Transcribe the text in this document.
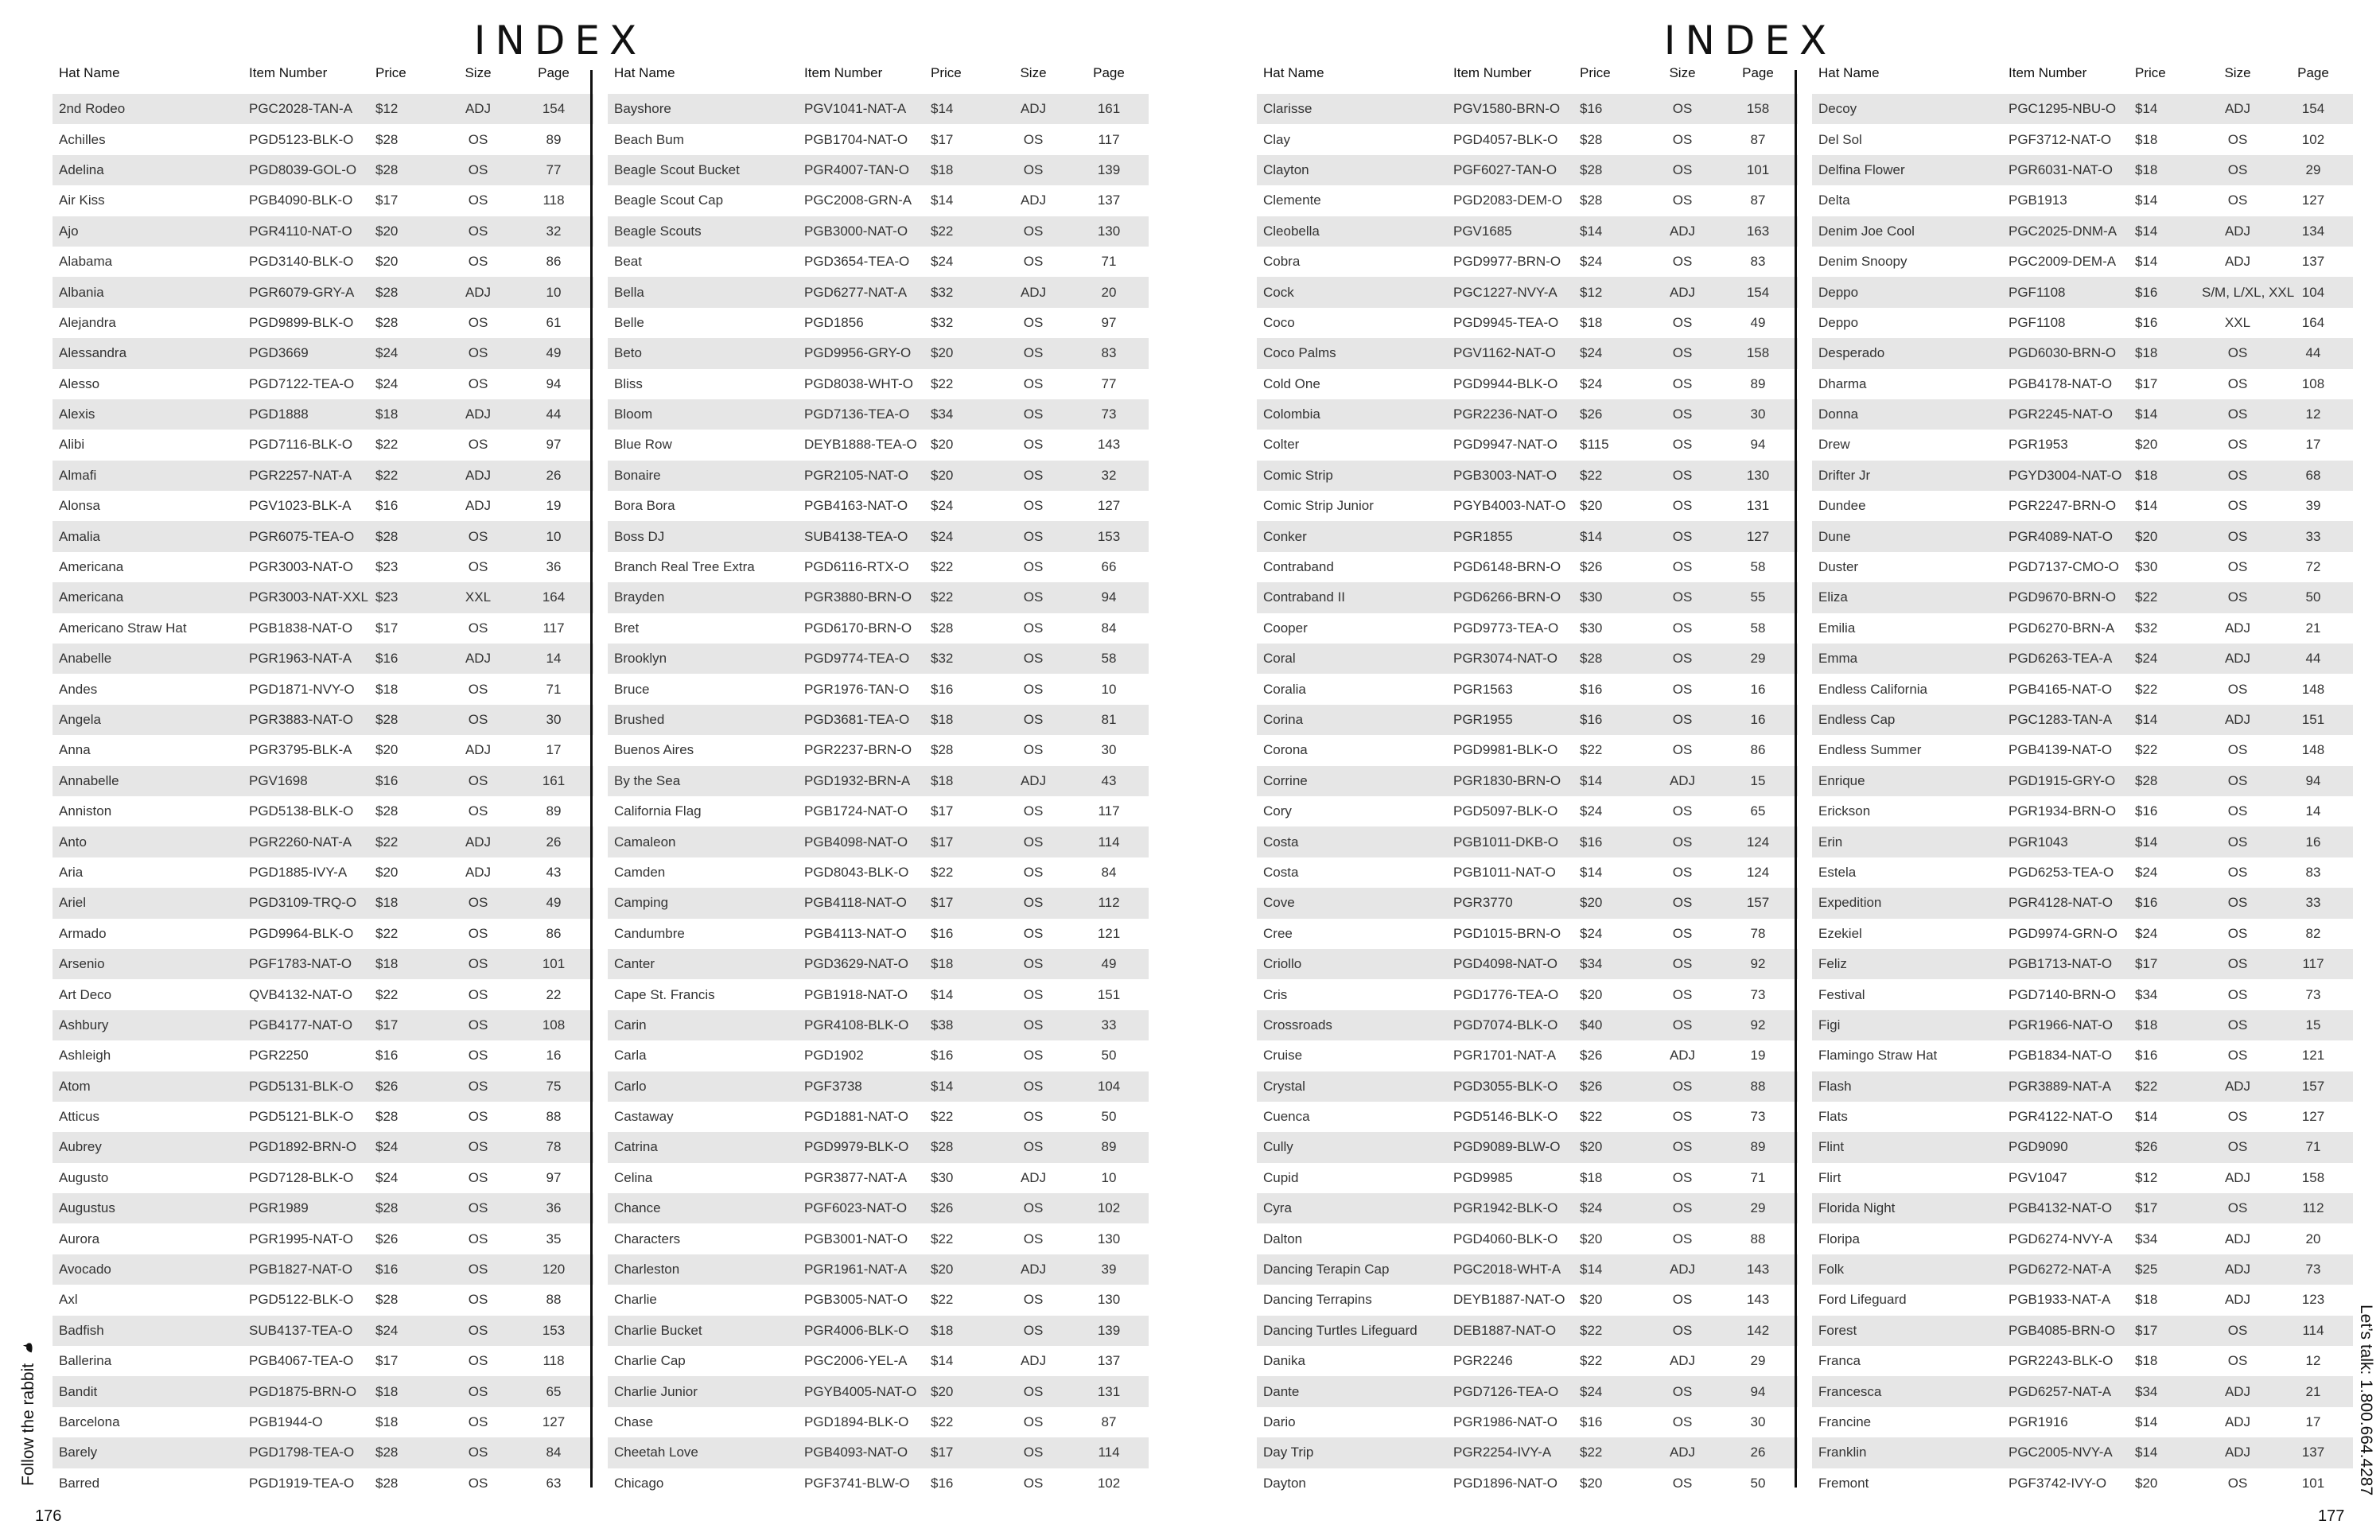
INDEX	INDEX
Hat Name	Item Number	Price	Size	Page
2nd Rodeo	PGC2028-TAN-A	$12	ADJ	154
Achilles	PGD5123-BLK-O	$28	OS	89
Adelina	PGD8039-GOL-O	$28	OS	77
Air Kiss	PGB4090-BLK-O	$17	OS	118
Ajo	PGR4110-NAT-O	$20	OS	32
Alabama	PGD3140-BLK-O	$20	OS	86
Albania	PGR6079-GRY-A	$28	ADJ	10
Alejandra	PGD9899-BLK-O	$28	OS	61
Alessandra	PGD3669	$24	OS	49
Alesso	PGD7122-TEA-O	$24	OS	94
Alexis	PGD1888	$18	ADJ	44
Alibi	PGD7116-BLK-O	$22	OS	97
Almafi	PGR2257-NAT-A	$22	ADJ	26
Alonsa	PGV1023-BLK-A	$16	ADJ	19
Amalia	PGR6075-TEA-O	$28	OS	10
Americana	PGR3003-NAT-O	$23	OS	36
Americana	PGR3003-NAT-XXL $23	XXL	164
Americano Straw Hat	PGB1838-NAT-O	$17	OS	117
Anabelle	PGR1963-NAT-A	$16	ADJ	14
Andes	PGD1871-NVY-O	$18	OS	71
Angela	PGR3883-NAT-O	$28	OS	30
Anna	PGR3795-BLK-A	$20	ADJ	17
Annabelle	PGV1698	$16	OS	161
Anniston	PGD5138-BLK-O	$28	OS	89
Anto	PGR2260-NAT-A	$22	ADJ	26
Aria	PGD1885-IVY-A	$20	ADJ	43
Ariel	PGD3109-TRQ-O	$18	OS	49
Armado	PGD9964-BLK-O	$22	OS	86
Arsenio	PGF1783-NAT-O	$18	OS	101
Art Deco	QVB4132-NAT-O	$22	OS	22
Ashbury	PGB4177-NAT-O	$17	OS	108
Ashleigh	PGR2250	$16	OS	16
Atom	PGD5131-BLK-O	$26	OS	75
Atticus	PGD5121-BLK-O	$28	OS	88
Aubrey	PGD1892-BRN-O	$24	OS	78
Augusto	PGD7128-BLK-O	$24	OS	97
Augustus	PGR1989	$28	OS	36
Aurora	PGR1995-NAT-O	$26	OS	35
Avocado	PGB1827-NAT-O	$16	OS	120
Axl	PGD5122-BLK-O	$28	OS	88
Badfish	SUB4137-TEA-O	$24	OS	153
Ballerina	PGB4067-TEA-O	$17	OS	118
Bandit	PGD1875-BRN-O	$18	OS	65
Barcelona	PGB1944-O	$18	OS	127
Barely	PGD1798-TEA-O	$28	OS	84
Barred	PGD1919-TEA-O	$28	OS	63
Hat Name	Item Number	Price	Size	Page
Bayshore	PGV1041-NAT-A	$14	ADJ	161
Beach Bum	PGB1704-NAT-O	$17	OS	117
Beagle Scout Bucket	PGR4007-TAN-O	$18	OS	139
Beagle Scout Cap	PGC2008-GRN-A	$14	ADJ	137
Beagle Scouts	PGB3000-NAT-O	$22	OS	130
Beat	PGD3654-TEA-O	$24	OS	71
Bella	PGD6277-NAT-A	$32	ADJ	20
Belle	PGD1856	$32	OS	97
Beto	PGD9956-GRY-O	$20	OS	83
Bliss	PGD8038-WHT-O	$22	OS	77
Bloom	PGD7136-TEA-O	$34	OS	73
Blue Row	DEYB1888-TEA-O	$20	OS	143
Bonaire	PGR2105-NAT-O	$20	OS	32
Bora Bora	PGB4163-NAT-O	$24	OS	127
Boss DJ	SUB4138-TEA-O	$24	OS	153
Branch Real Tree Extra	PGD6116-RTX-O	$22	OS	66
Brayden	PGR3880-BRN-O	$22	OS	94
Bret	PGD6170-BRN-O	$28	OS	84
Brooklyn	PGD9774-TEA-O	$32	OS	58
Bruce	PGR1976-TAN-O	$16	OS	10
Brushed	PGD3681-TEA-O	$18	OS	81
Buenos Aires	PGR2237-BRN-O	$28	OS	30
By the Sea	PGD1932-BRN-A	$18	ADJ	43
California Flag	PGB1724-NAT-O	$17	OS	117
Camaleon	PGB4098-NAT-O	$17	OS	114
Camden	PGD8043-BLK-O	$22	OS	84
Camping	PGB4118-NAT-O	$17	OS	112
Candumbre	PGB4113-NAT-O	$16	OS	121
Canter	PGD3629-NAT-O	$18	OS	49
Cape St. Francis	PGB1918-NAT-O	$14	OS	151
Carin	PGR4108-BLK-O	$38	OS	33
Carla	PGD1902	$16	OS	50
Carlo	PGF3738	$14	OS	104
Castaway	PGD1881-NAT-O	$22	OS	50
Catrina	PGD9979-BLK-O	$28	OS	89
Celina	PGR3877-NAT-A	$30	ADJ	10
Chance	PGF6023-NAT-O	$26	OS	102
Characters	PGB3001-NAT-O	$22	OS	130
Charleston	PGR1961-NAT-A	$20	ADJ	39
Charlie	PGB3005-NAT-O	$22	OS	130
Charlie Bucket	PGR4006-BLK-O	$18	OS	139
Charlie Cap	PGC2006-YEL-A	$14	ADJ	137
Charlie Junior	PGYB4005-NAT-O	$20	OS	131
Chase	PGD1894-BLK-O	$22	OS	87
Cheetah Love	PGB4093-NAT-O	$17	OS	114
Chicago	PGF3741-BLW-O	$16	OS	102
Hat Name	Item Number	Price	Size	Page
Clarisse	PGV1580-BRN-O	$16	OS	158
Clay	PGD4057-BLK-O	$28	OS	87
Clayton	PGF6027-TAN-O	$28	OS	101
Clemente	PGD2083-DEM-O	$28	OS	87
Cleobella	PGV1685	$14	ADJ	163
Cobra	PGD9977-BRN-O	$24	OS	83
Cock	PGC1227-NVY-A	$12	ADJ	154
Coco	PGD9945-TEA-O	$18	OS	49
Coco Palms	PGV1162-NAT-O	$24	OS	158
Cold One	PGD9944-BLK-O	$24	OS	89
Colombia	PGR2236-NAT-O	$26	OS	30
Colter	PGD9947-NAT-O	$115	OS	94
Comic Strip	PGB3003-NAT-O	$22	OS	130
Comic Strip Junior	PGYB4003-NAT-O	$20	OS	131
Conker	PGR1855	$14	OS	127
Contraband	PGD6148-BRN-O	$26	OS	58
Contraband II	PGD6266-BRN-O	$30	OS	55
Cooper	PGD9773-TEA-O	$30	OS	58
Coral	PGR3074-NAT-O	$28	OS	29
Coralia	PGR1563	$16	OS	16
Corina	PGR1955	$16	OS	16
Corona	PGD9981-BLK-O	$22	OS	86
Corrine	PGR1830-BRN-O	$14	ADJ	15
Cory	PGD5097-BLK-O	$24	OS	65
Costa	PGB1011-DKB-O	$16	OS	124
Costa	PGB1011-NAT-O	$14	OS	124
Cove	PGR3770	$20	OS	157
Cree	PGD1015-BRN-O	$24	OS	78
Criollo	PGD4098-NAT-O	$34	OS	92
Cris	PGD1776-TEA-O	$20	OS	73
Crossroads	PGD7074-BLK-O	$40	OS	92
Cruise	PGR1701-NAT-A	$26	ADJ	19
Crystal	PGD3055-BLK-O	$26	OS	88
Cuenca	PGD5146-BLK-O	$22	OS	73
Cully	PGD9089-BLW-O	$20	OS	89
Cupid	PGD9985	$18	OS	71
Cyra	PGR1942-BLK-O	$24	OS	29
Dalton	PGD4060-BLK-O	$20	OS	88
Dancing Terapin Cap	PGC2018-WHT-A	$14	ADJ	143
Dancing Terrapins	DEYB1887-NAT-O	$20	OS	143
Dancing Turtles Lifeguard	DEB1887-NAT-O	$22	OS	142
Danika	PGR2246	$22	ADJ	29
Dante	PGD7126-TEA-O	$24	OS	94
Dario	PGR1986-NAT-O	$16	OS	30
Day Trip	PGR2254-IVY-A	$22	ADJ	26
Dayton	PGD1896-NAT-O	$20	OS	50
Hat Name	Item Number	Price	Size	Page
Decoy	PGC1295-NBU-O	$14	ADJ	154
Del Sol	PGF3712-NAT-O	$18	OS	102
Delfina Flower	PGR6031-NAT-O	$18	OS	29
Delta	PGB1913	$14	OS	127
Denim Joe Cool	PGC2025-DNM-A	$14	ADJ	134
Denim Snoopy	PGC2009-DEM-A	$14	ADJ	137
Deppo	PGF1108	$16	S/M, L/XL, XXL 104
Deppo	PGF1108	$16	XXL	164
Desperado	PGD6030-BRN-O	$18	OS	44
Dharma	PGB4178-NAT-O	$17	OS	108
Donna	PGR2245-NAT-O	$14	OS	12
Drew	PGR1953	$20	OS	17
Drifter Jr	PGYD3004-NAT-O $18	OS	68
Dundee	PGR2247-BRN-O	$14	OS	39
Dune	PGR4089-NAT-O	$20	OS	33
Duster	PGD7137-CMO-O	$30	OS	72
Eliza	PGD9670-BRN-O	$22	OS	50
Emilia	PGD6270-BRN-A	$32	ADJ	21
Emma	PGD6263-TEA-A	$24	ADJ	44
Endless California	PGB4165-NAT-O	$22	OS	148
Endless Cap	PGC1283-TAN-A	$14	ADJ	151
Endless Summer	PGB4139-NAT-O	$22	OS	148
Enrique	PGD1915-GRY-O	$28	OS	94
Erickson	PGR1934-BRN-O	$16	OS	14
Erin	PGR1043	$14	OS	16
Estela	PGD6253-TEA-O	$24	OS	83
Expedition	PGR4128-NAT-O	$16	OS	33
Ezekiel	PGD9974-GRN-O	$24	OS	82
Feliz	PGB1713-NAT-O	$17	OS	117
Festival	PGD7140-BRN-O	$34	OS	73
Figi	PGR1966-NAT-O	$18	OS	15
Flamingo Straw Hat	PGB1834-NAT-O	$16	OS	121
Flash	PGR3889-NAT-A	$22	ADJ	157
Flats	PGR4122-NAT-O	$14	OS	127
Flint	PGD9090	$26	OS	71
Flirt	PGV1047	$12	ADJ	158
Florida Night	PGB4132-NAT-O	$17	OS	112
Floripa	PGD6274-NVY-A	$34	ADJ	20
Folk	PGD6272-NAT-A	$25	ADJ	73
Ford Lifeguard	PGB1933-NAT-A	$18	ADJ	123
Forest	PGB4085-BRN-O	$17	OS	114
Franca	PGR2243-BLK-O	$18	OS	12
Francesca	PGD6257-NAT-A	$34	ADJ	21
Francine	PGR1916	$14	ADJ	17
Franklin	PGC2005-NVY-A	$14	ADJ	137
Fremont	PGF3742-IVY-O	$20	OS	101
176	177
Follow the rabbit	Let’s talk: 1.800.664.4287
